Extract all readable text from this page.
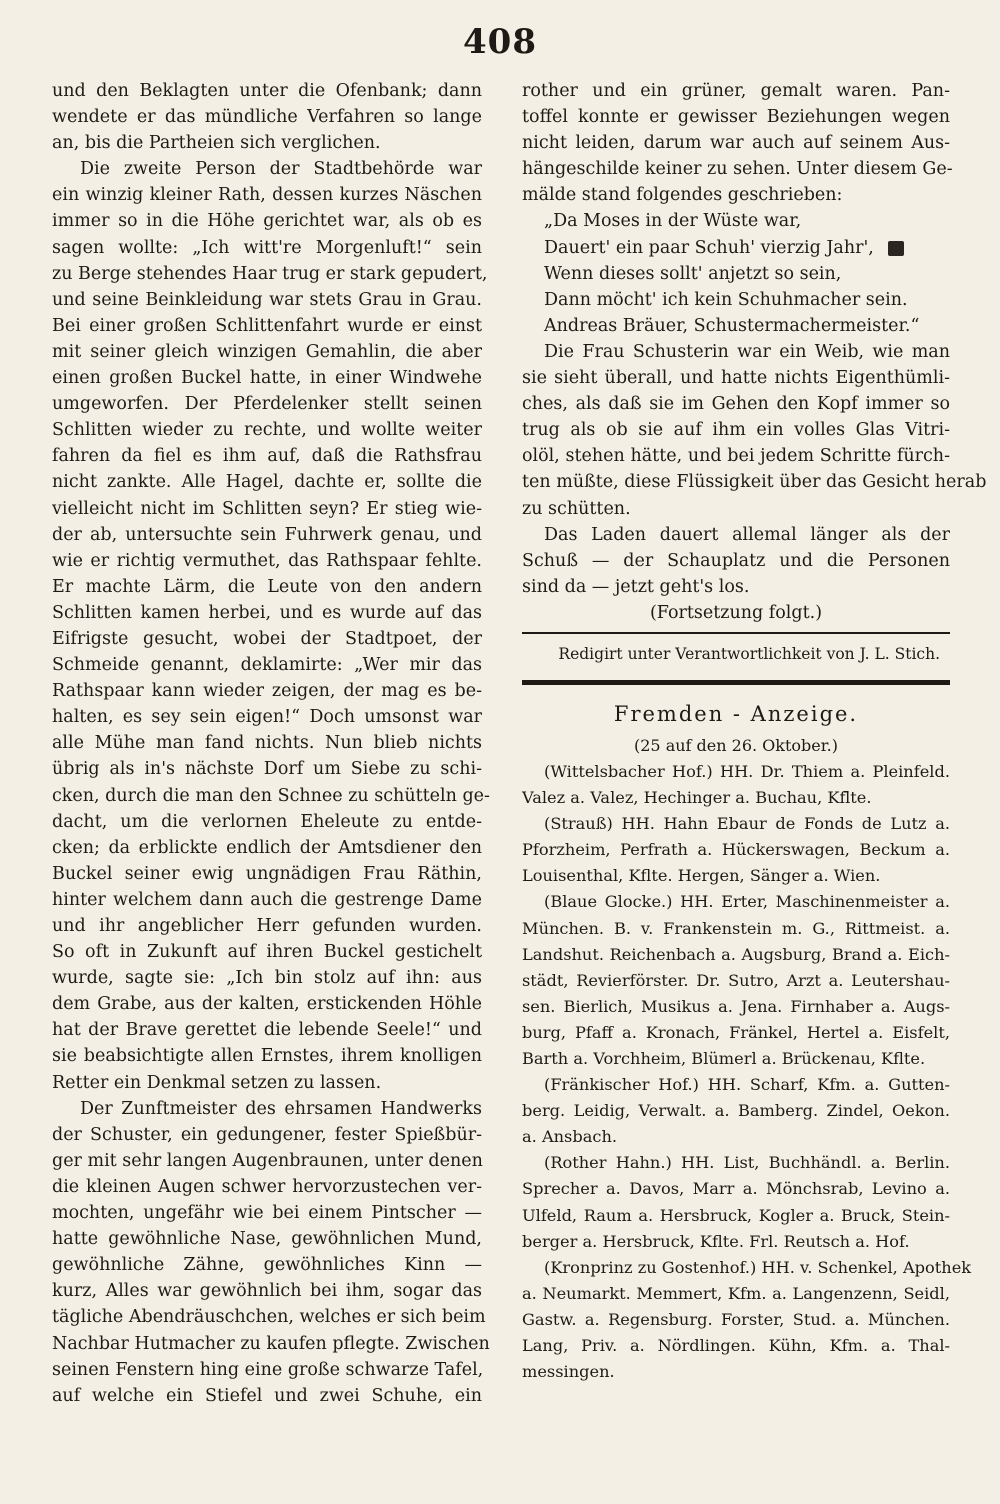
408
und den Beklagten unter die Ofenbank; dann
wendete er das mündliche Verfahren so lange
an, bis die Partheien sich verglichen.
Die zweite Person der Stadtbehörde war
ein winzig kleiner Rath, dessen kurzes Näschen
immer so in die Höhe gerichtet war, als ob es
sagen wollte: „Ich witt're Morgenluft!“ sein
zu Berge stehendes Haar trug er stark gepudert,
und seine Beinkleidung war stets Grau in Grau.
Bei einer großen Schlittenfahrt wurde er einst
mit seiner gleich winzigen Gemahlin, die aber
einen großen Buckel hatte, in einer Windwehe
umgeworfen. Der Pferdelenker stellt seinen
Schlitten wieder zu rechte, und wollte weiter
fahren da fiel es ihm auf, daß die Rathsfrau
nicht zankte. Alle Hagel, dachte er, sollte die
vielleicht nicht im Schlitten seyn? Er stieg wie-
der ab, untersuchte sein Fuhrwerk genau, und
wie er richtig vermuthet, das Rathspaar fehlte.
Er machte Lärm, die Leute von den andern
Schlitten kamen herbei, und es wurde auf das
Eifrigste gesucht, wobei der Stadtpoet, der
Schmeide genannt, deklamirte: „Wer mir das
Rathspaar kann wieder zeigen, der mag es be-
halten, es sey sein eigen!“ Doch umsonst war
alle Mühe man fand nichts. Nun blieb nichts
übrig als in's nächste Dorf um Siebe zu schi-
cken, durch die man den Schnee zu schütteln ge-
dacht, um die verlornen Eheleute zu entde-
cken; da erblickte endlich der Amtsdiener den
Buckel seiner ewig ungnädigen Frau Räthin,
hinter welchem dann auch die gestrenge Dame
und ihr angeblicher Herr gefunden wurden.
So oft in Zukunft auf ihren Buckel gestichelt
wurde, sagte sie: „Ich bin stolz auf ihn: aus
dem Grabe, aus der kalten, erstickenden Höhle
hat der Brave gerettet die lebende Seele!“ und
sie beabsichtigte allen Ernstes, ihrem knolligen
Retter ein Denkmal setzen zu lassen.
Der Zunftmeister des ehrsamen Handwerks
der Schuster, ein gedungener, fester Spießbür-
ger mit sehr langen Augenbraunen, unter denen
die kleinen Augen schwer hervorzustechen ver-
mochten, ungefähr wie bei einem Pintscher —
hatte gewöhnliche Nase, gewöhnlichen Mund,
gewöhnliche Zähne, gewöhnliches Kinn —
kurz, Alles war gewöhnlich bei ihm, sogar das
tägliche Abendräuschchen, welches er sich beim
Nachbar Hutmacher zu kaufen pflegte. Zwischen
seinen Fenstern hing eine große schwarze Tafel,
auf welche ein Stiefel und zwei Schuhe, ein
rother und ein grüner, gemalt waren. Pan-
toffel konnte er gewisser Beziehungen wegen
nicht leiden, darum war auch auf seinem Aus-
hängeschilde keiner zu sehen. Unter diesem Ge-
mälde stand folgendes geschrieben:
„Da Moses in der Wüste war,
Dauert' ein paar Schuh' vierzig Jahr',
Wenn dieses sollt' anjetzt so sein,
Dann möcht' ich kein Schuhmacher sein.
Andreas Bräuer, Schustermachermeister.“
Die Frau Schusterin war ein Weib, wie man
sie sieht überall, und hatte nichts Eigenthümli-
ches, als daß sie im Gehen den Kopf immer so
trug als ob sie auf ihm ein volles Glas Vitri-
olöl, stehen hätte, und bei jedem Schritte fürch-
ten müßte, diese Flüssigkeit über das Gesicht herab
zu schütten.
Das Laden dauert allemal länger als der
Schuß — der Schauplatz und die Personen
sind da — jetzt geht's los.
(Fortsetzung folgt.)
Redigirt unter Verantwortlichkeit von J. L. Stich.
Fremden - Anzeige.
(25 auf den 26. Oktober.)
(Wittelsbacher Hof.) HH. Dr. Thiem a. Pleinfeld.
Valez a. Valez, Hechinger a. Buchau, Kfl̄te.
(Strauß) HH. Hahn Ebaur de Fonds de Lutz a.
Pforzheim, Perfrath a. Hückerswagen, Beckum a.
Louisenthal, Kflte. Hergen, Sänger a. Wien.
(Blaue Glocke.) HH. Erter, Maschinenmeister a.
München. B. v. Frankenstein m. G., Rittmeist. a.
Landshut. Reichenbach a. Augsburg, Brand a. Eich-
städt, Revierförster. Dr. Sutro, Arzt a. Leutershau-
sen. Bierlich, Musikus a. Jena. Firnhaber a. Augs-
burg, Pfaff a. Kronach, Fränkel, Hertel a. Eisfelt,
Barth a. Vorchheim, Blümerl a. Brückenau, Kflte.
(Fränkischer Hof.) HH. Scharf, Kfm. a. Gutten-
berg. Leidig, Verwalt. a. Bamberg. Zindel, Oekon.
a. Ansbach.
(Rother Hahn.) HH. List, Buchhändl. a. Berlin.
Sprecher a. Davos, Marr a. Mönchsrab, Levino a.
Ulfeld, Raum a. Hersbruck, Kogler a. Bruck, Stein-
berger a. Hersbruck, Kflte. Frl. Reutsch a. Hof.
(Kronprinz zu Gostenhof.) HH. v. Schenkel, Apothek
a. Neumarkt. Memmert, Kfm. a. Langenzenn, Seidl,
Gastw. a. Regensburg. Forster, Stud. a. München.
Lang, Priv. a. Nördlingen. Kühn, Kfm. a. Thal-
messingen.
